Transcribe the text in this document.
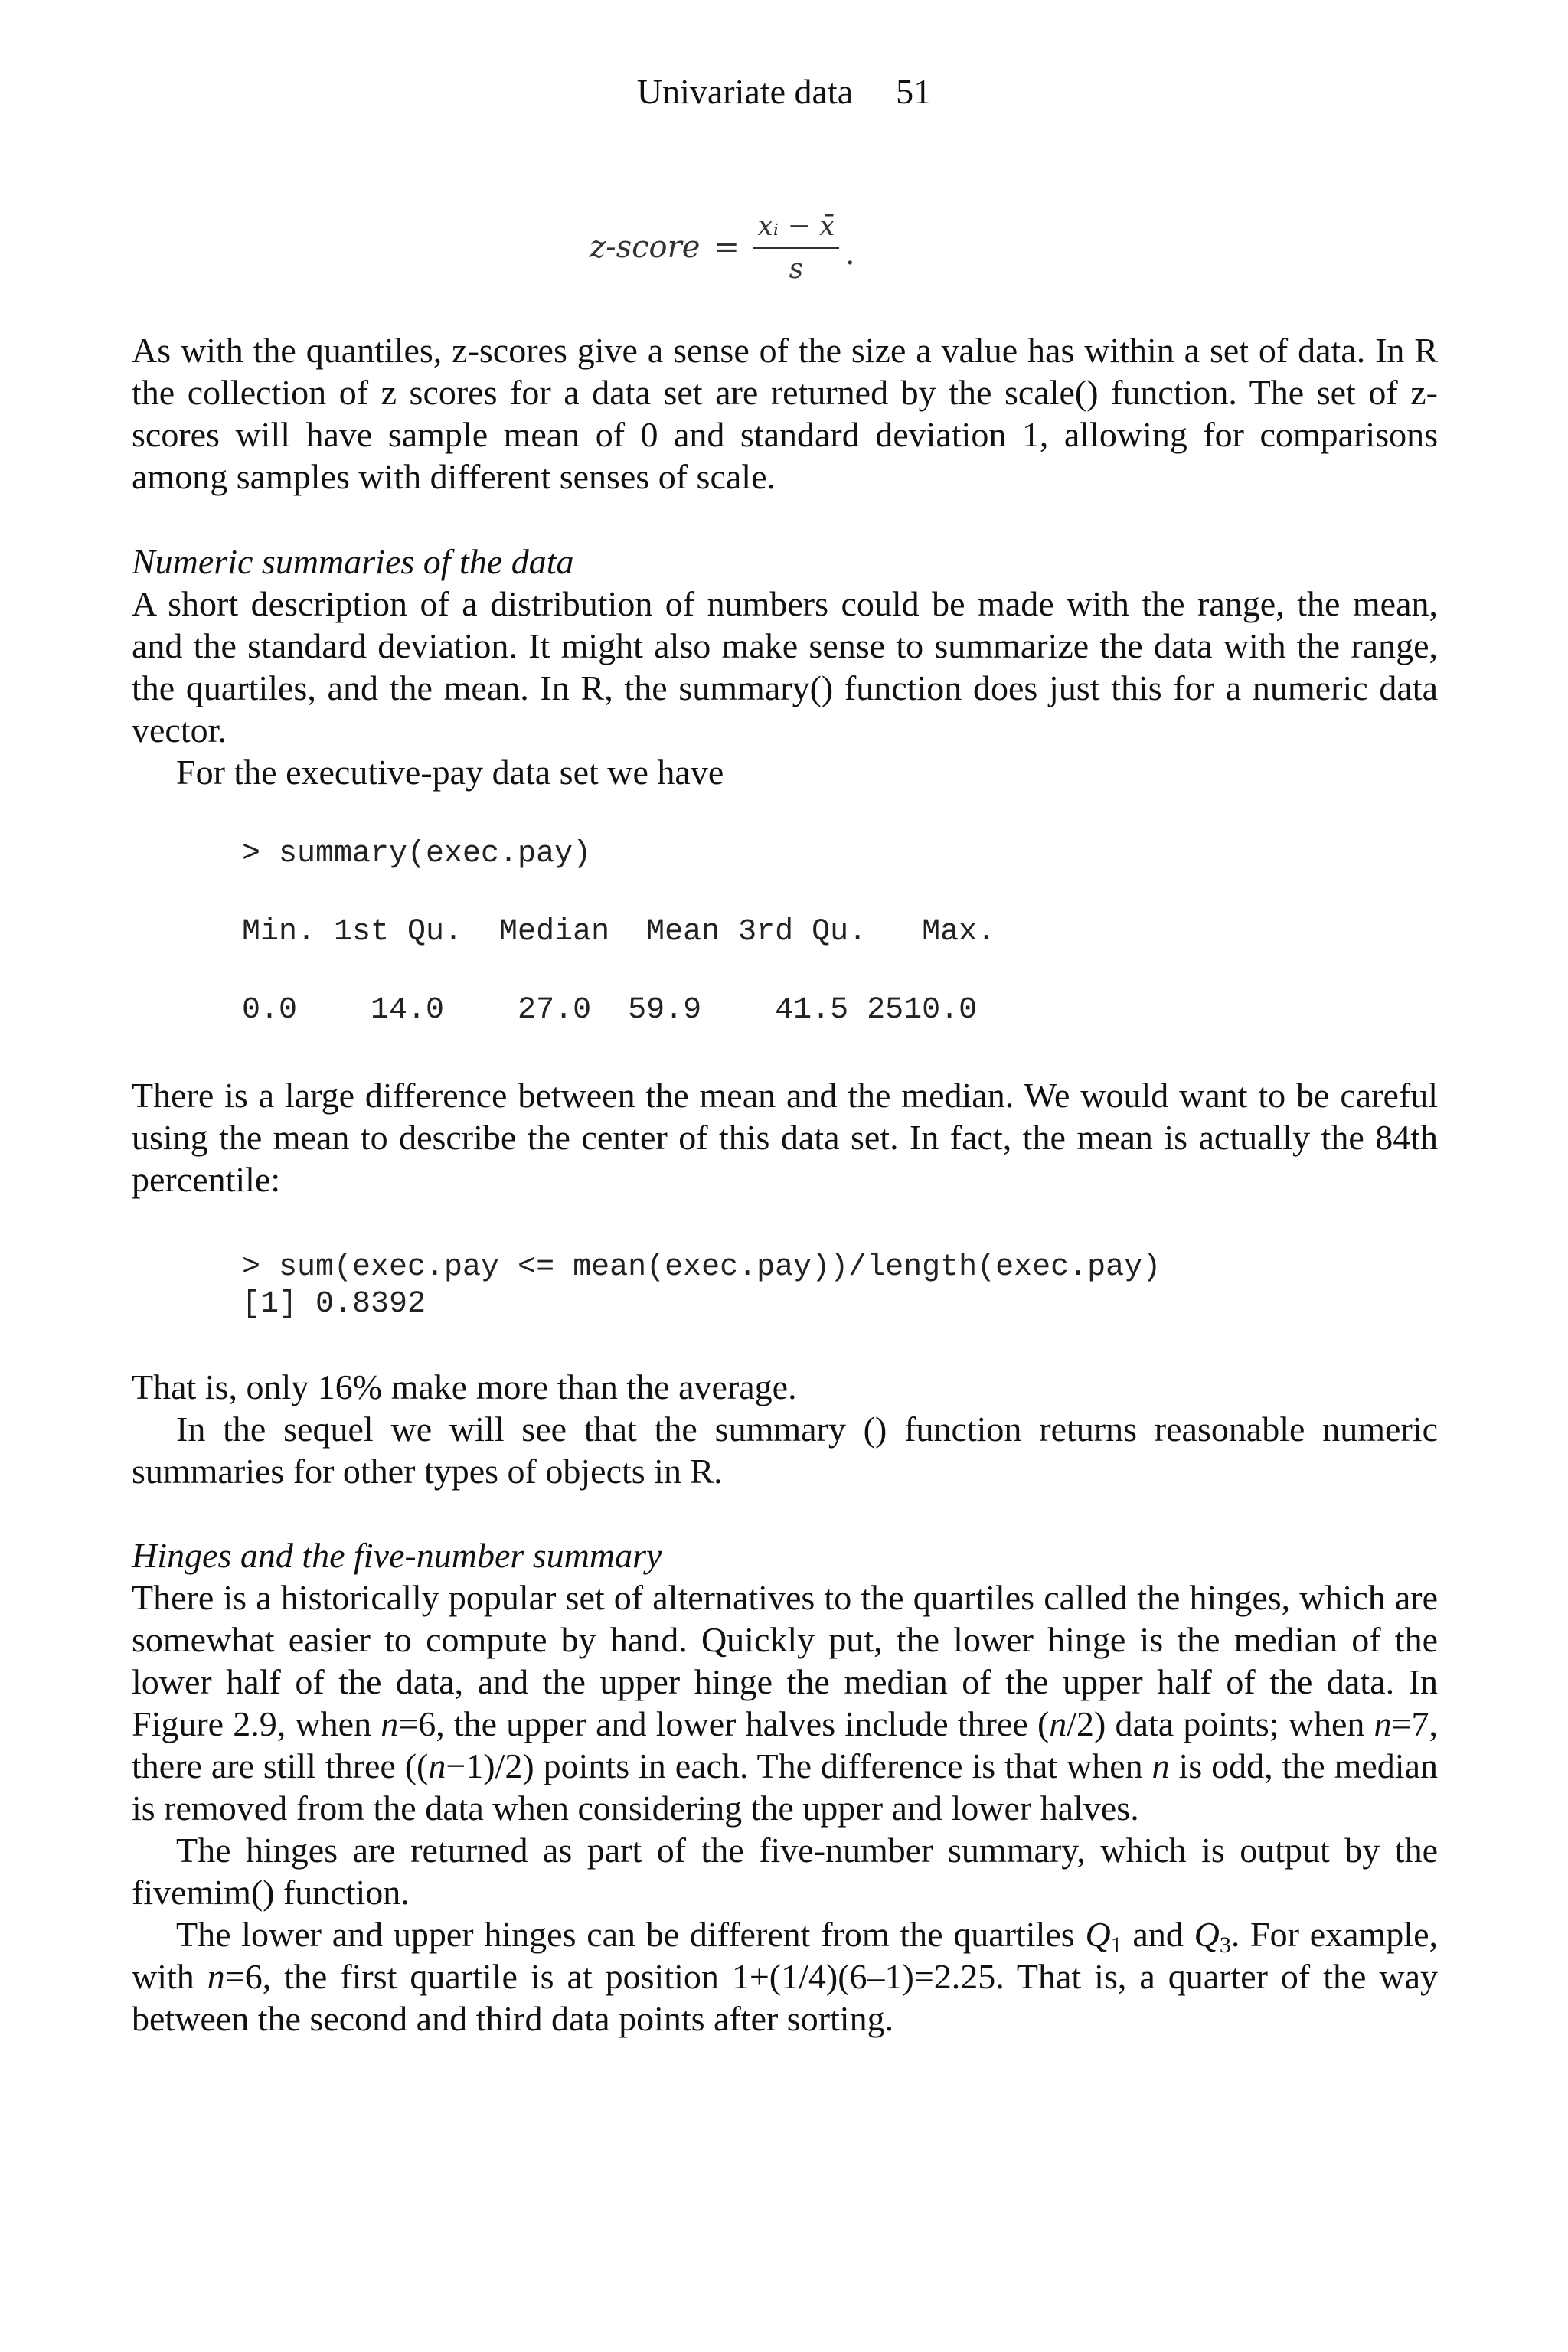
Univariate data 51
z-score = $\frac{\text{xᵢ − x̄}}{s}$ .

As with the quantiles, z-scores give a sense of the size a value has within a set of data. In R the collection of z scores for a data set are returned by the scale() function. The set of z-scores will have sample mean of 0 and standard deviation 1, allowing for comparisons among samples with different senses of scale.

Numeric summaries of the data

A short description of a distribution of numbers could be made with the range, the mean, and the standard deviation. It might also make sense to summarize the data with the range, the quartiles, and the mean. In R, the summary() function does just this for a numeric data vector.

For the executive-pay data set we have

> summary(exec.pay)
Min. 1st Qu.  Median  Mean 3rd Qu.   Max.
0.0    14.0    27.0  59.9    41.5 2510.0

There is a large difference between the mean and the median. We would want to be careful using the mean to describe the center of this data set. In fact, the mean is actually the 84th percentile:

> sum(exec.pay <= mean(exec.pay))/length(exec.pay)
[1] 0.8392

That is, only 16% make more than the average.

In the sequel we will see that the summary () function returns reasonable numeric summaries for other types of objects in R.

Hinges and the five-number summary

There is a historically popular set of alternatives to the quartiles called the hinges, which are somewhat easier to compute by hand. Quickly put, the lower hinge is the median of the lower half of the data, and the upper hinge the median of the upper half of the data. In Figure 2.9, when n=6, the upper and lower halves include three (n/2) data points; when n=7, there are still three ((n−1)/2) points in each. The difference is that when n is odd, the median is removed from the data when considering the upper and lower halves.

The hinges are returned as part of the five-number summary, which is output by the fivemim() function.

The lower and upper hinges can be different from the quartiles $Q_1$ and $Q_3$. For example, with n=6, the first quartile is at position 1+(1/4)(6–1)=2.25. That is, a quarter of the way between the second and third data points after sorting.
